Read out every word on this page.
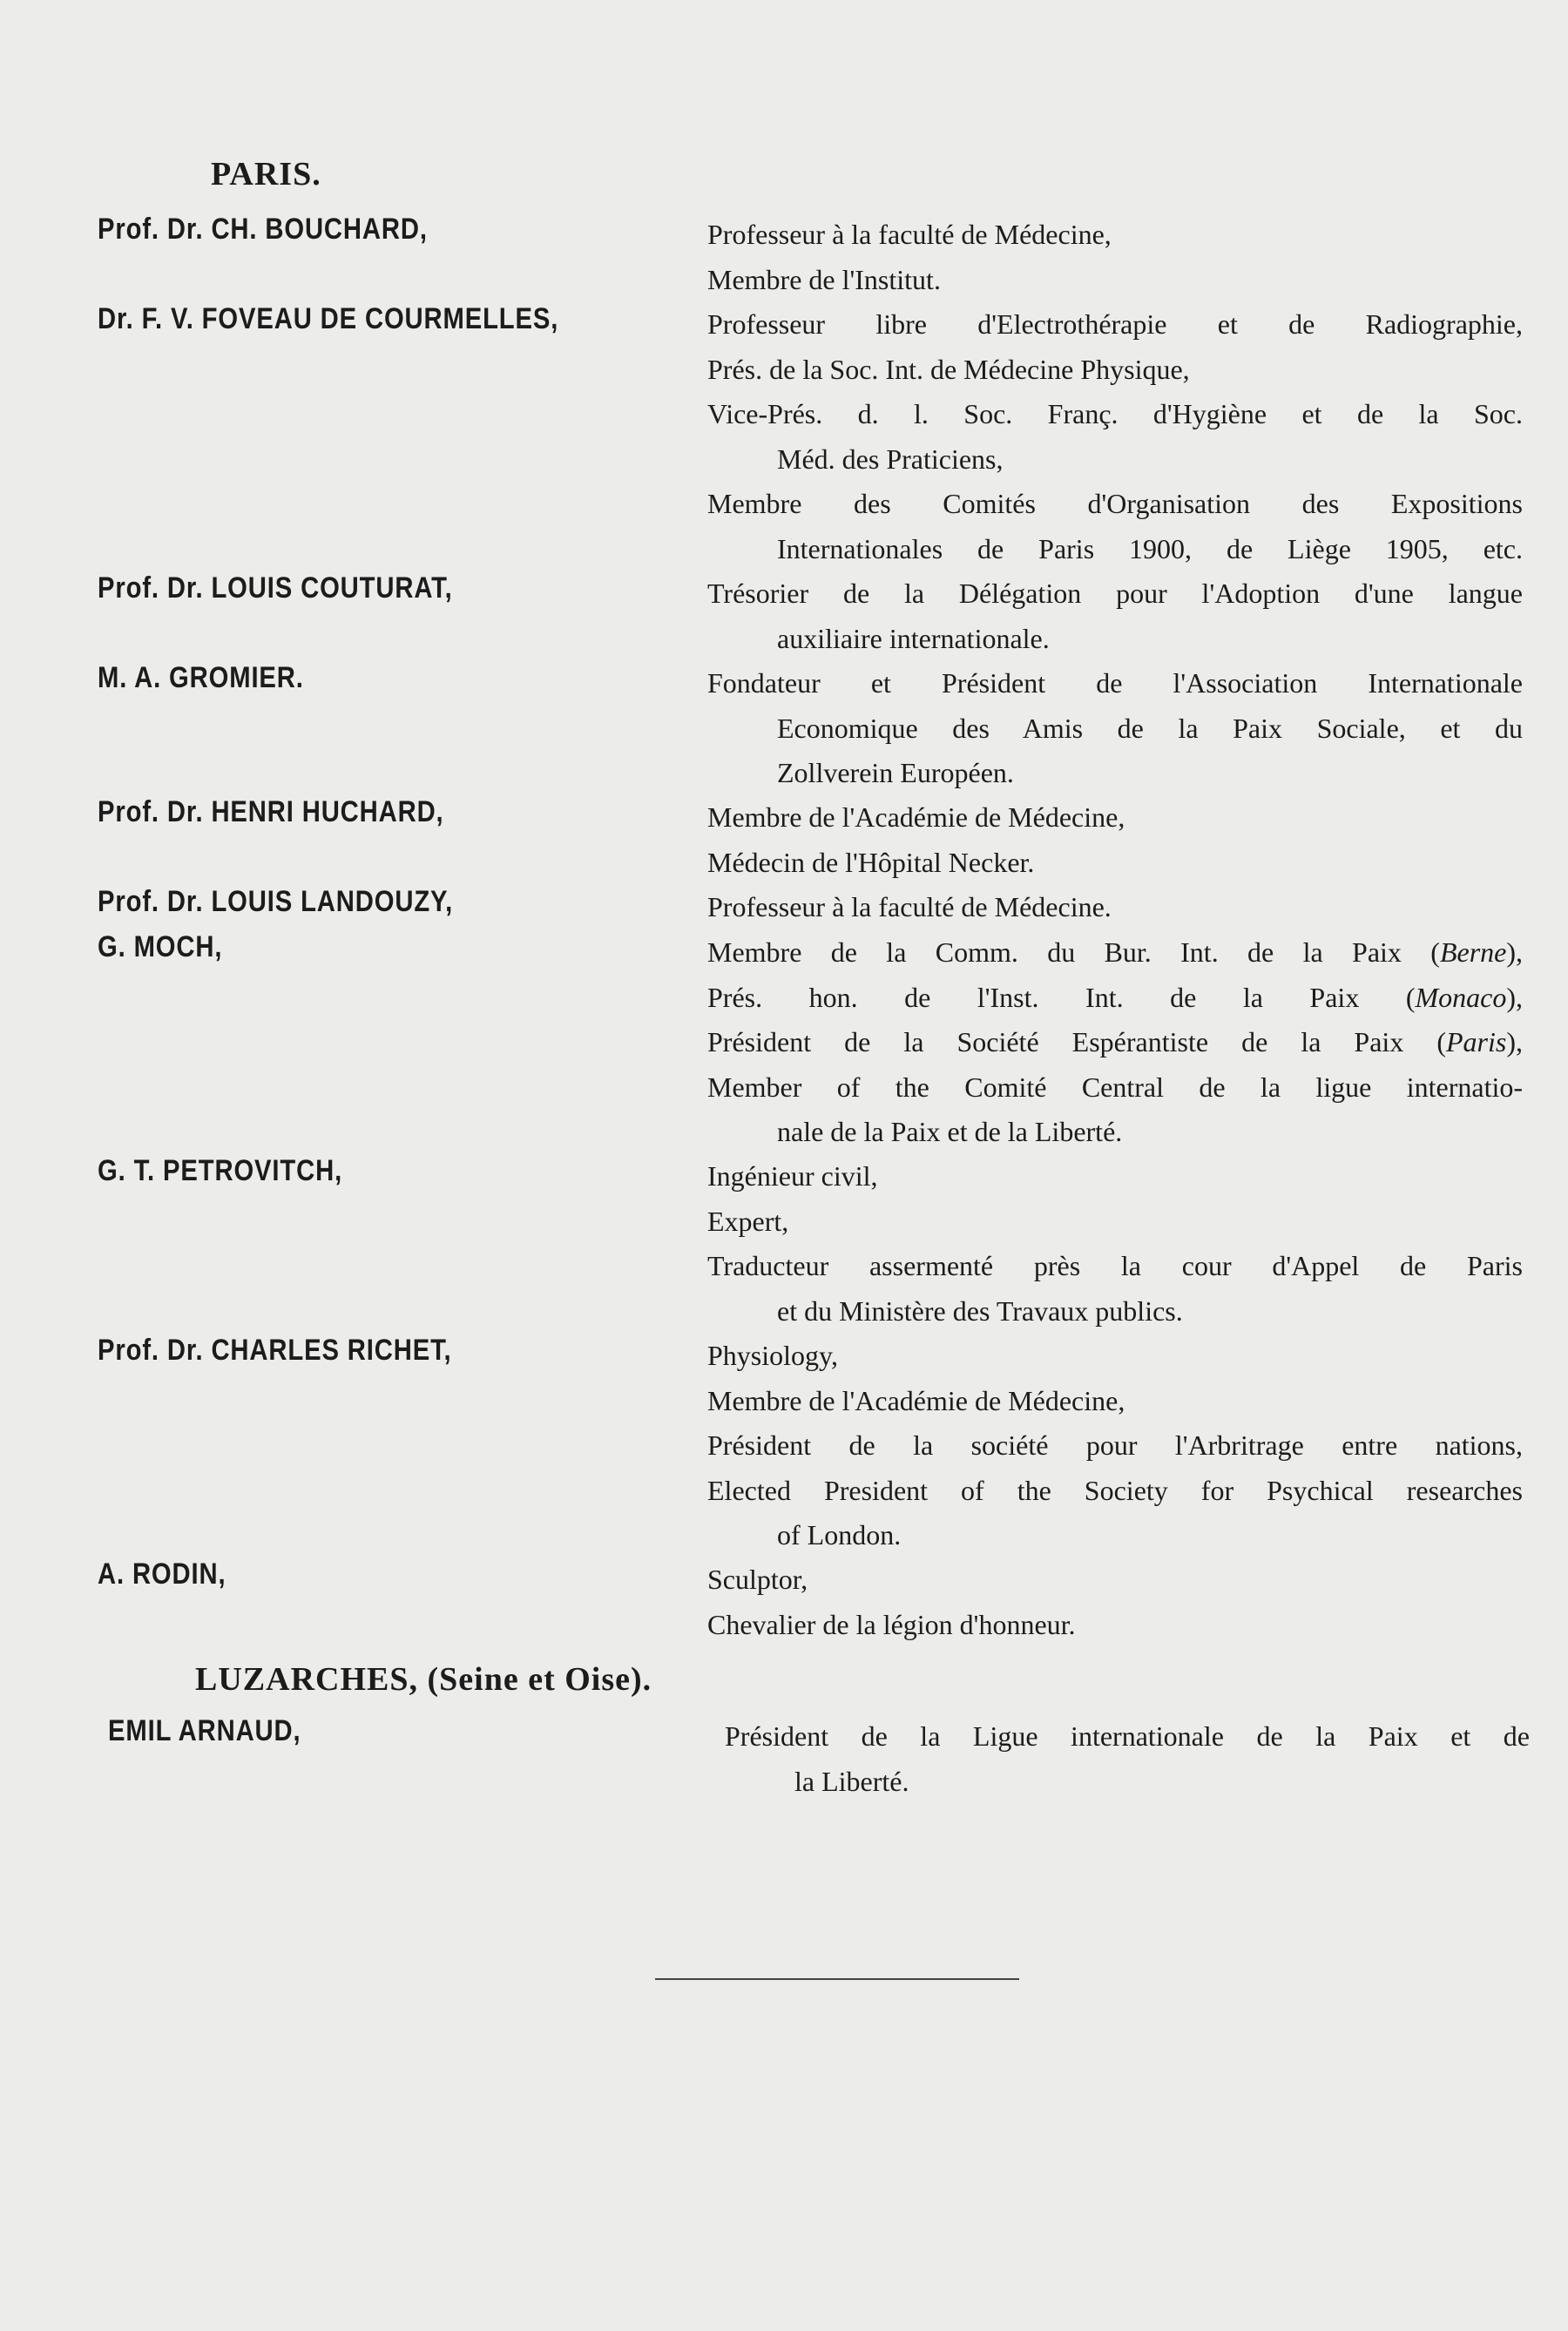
PARIS.
Prof. Dr. CH. BOUCHARD,	Professeur à la faculté de Médecine,
Membre de l'Institut.
Dr. F. V. FOVEAU DE COURMELLES,	Professeur libre d'Electrothérapie et de Radiographie,
Prés. de la Soc. Int. de Médecine Physique,
Vice-Prés. d. l. Soc. Franç. d'Hygiène et de la Soc.
Méd. des Praticiens,
Membre des Comités d'Organisation des Expositions
Internationales de Paris 1900, de Liège 1905, etc.
Prof. Dr. LOUIS COUTURAT,	Trésorier de la Délégation pour l'Adoption d'une langue
auxiliaire internationale.
M. A. GROMIER.	Fondateur et Président de l'Association Internationale
Economique des Amis de la Paix Sociale, et du
Zollverein Européen.
Prof. Dr. HENRI HUCHARD,	Membre de l'Académie de Médecine,
Médecin de l'Hôpital Necker.
Prof. Dr. LOUIS LANDOUZY,	Professeur à la faculté de Médecine.
G. MOCH,	Membre de la Comm. du Bur. Int. de la Paix (Berne),
Prés. hon. de l'Inst. Int. de la Paix (Monaco),
Président de la Société Espérantiste de la Paix (Paris),
Member of the Comité Central de la ligue internatio-
nale de la Paix et de la Liberté.
G. T. PETROVITCH,	Ingénieur civil,
Expert,
Traducteur assermenté près la cour d'Appel de Paris
et du Ministère des Travaux publics.
Prof. Dr. CHARLES RICHET,	Physiology,
Membre de l'Académie de Médecine,
Président de la société pour l'Arbritrage entre nations,
Elected President of the Society for Psychical researches
of London.
A. RODIN,	Sculptor,
Chevalier de la légion d'honneur.
LUZARCHES, (Seine et Oise).
EMIL ARNAUD,	Président de la Ligue internationale de la Paix et de
la Liberté.
